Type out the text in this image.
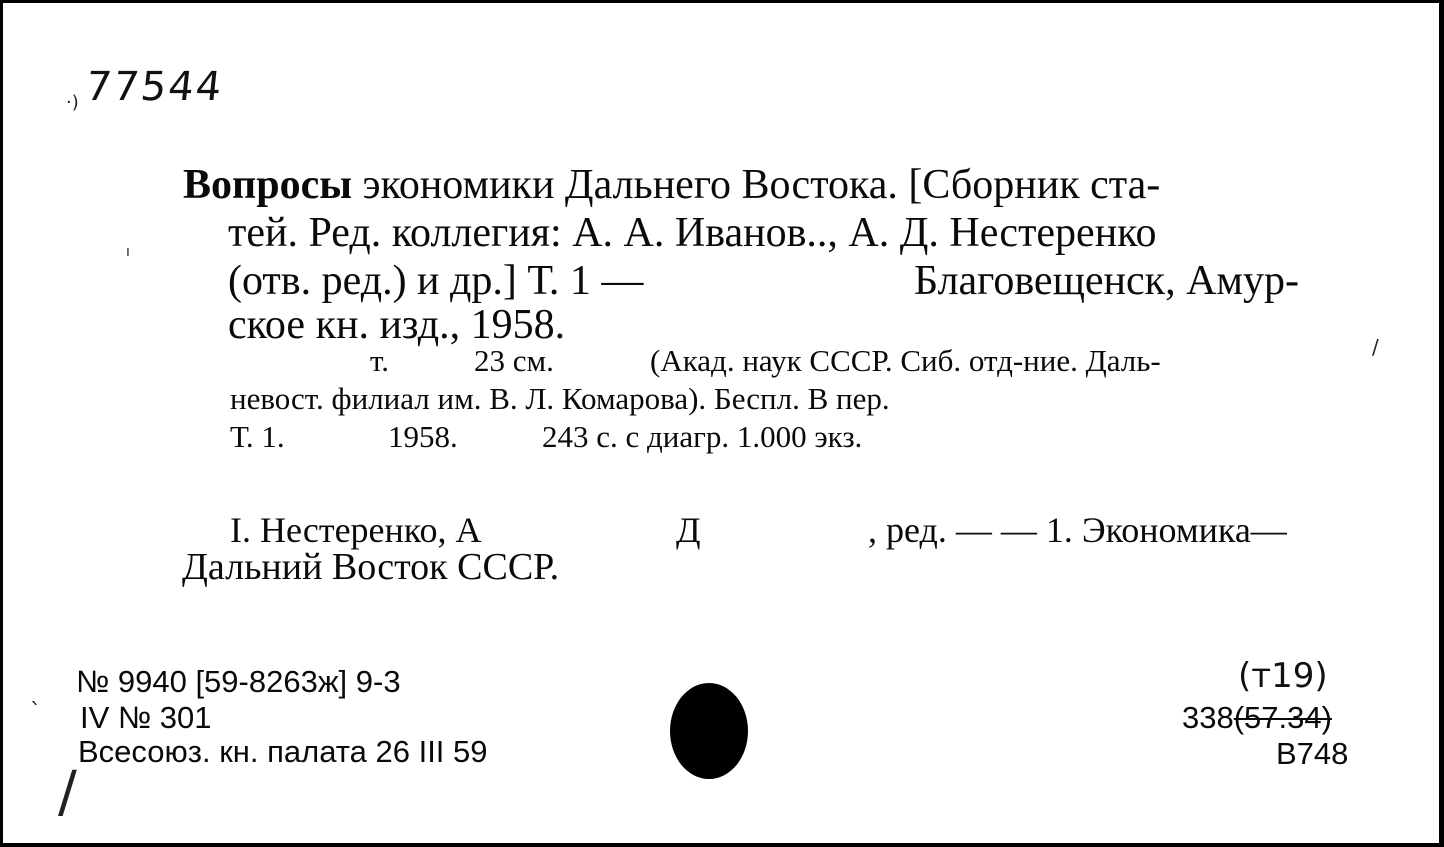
·)
ı
/
`
/
77544
Вопросы экономики Дальнего Востока. [Сборник ста-
тей. Ред. коллегия: А. А. Иванов.., А. Д. Нестеренко
(отв. ред.) и др.] Т. 1 —	Благовещенск, Амур-
ское кн. изд., 1958.
т.	23 см.	(Акад. наук СССР. Сиб. отд-ние. Даль-
невост. филиал им. В. Л. Комарова). Беспл. В пер.
Т. 1.	1958.	243 с. с диагр. 1.000 экз.
I. Нестеренко, А	Д	, ред. — — 1. Экономика—
Дальний Восток СССР.
№ 9940 [59-8263ж] 9-3
IV № 301
Всесоюз. кн. палата 26 III 59
(т19)
338(57.34)
В748
